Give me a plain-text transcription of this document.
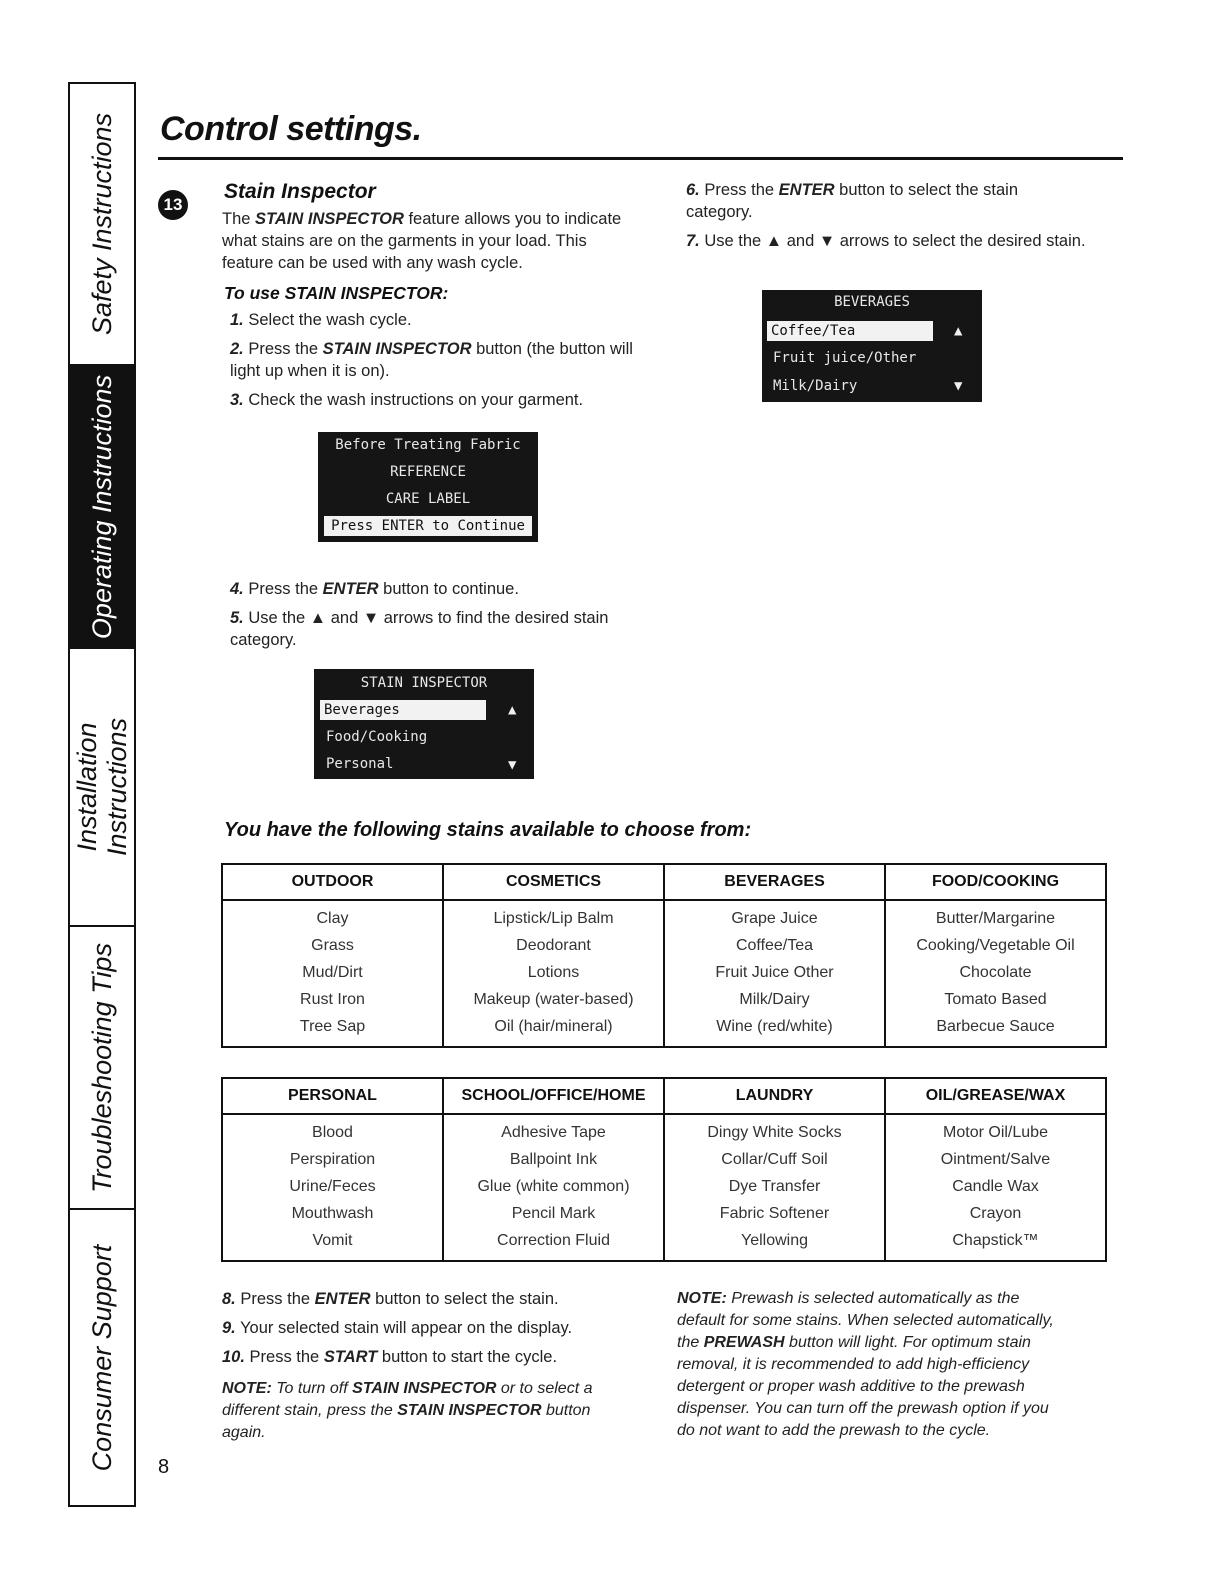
Safety Instructions
Operating Instructions
Installation
Instructions
Troubleshooting Tips
Consumer Support
Control settings.
13
Stain Inspector
The STAIN INSPECTOR feature allows you to indicate what stains are on the garments in your load. This feature can be used with any wash cycle.
To use STAIN INSPECTOR:
1. Select the wash cycle.
2. Press the STAIN INSPECTOR button (the button will light up when it is on).
3. Check the wash instructions on your garment.
Before Treating Fabric
REFERENCE
CARE LABEL
Press ENTER to Continue
4. Press the ENTER button to continue.
5. Use the ▲ and ▼ arrows to find the desired stain category.
STAIN INSPECTOR
Beverages	▲
Food/Cooking
Personal	▼
6. Press the ENTER button to select the stain category.
7. Use the ▲ and ▼ arrows to select the desired stain.
BEVERAGES
Coffee/Tea	▲
Fruit juice/Other
Milk/Dairy	▼
You have the following stains available to choose from:
OUTDOOR	COSMETICS	BEVERAGES	FOOD/COOKING
Clay	Lipstick/Lip Balm	Grape Juice	Butter/Margarine
Grass	Deodorant	Coffee/Tea	Cooking/Vegetable Oil
Mud/Dirt	Lotions	Fruit Juice Other	Chocolate
Rust Iron	Makeup (water-based)	Milk/Dairy	Tomato Based
Tree Sap	Oil (hair/mineral)	Wine (red/white)	Barbecue Sauce
PERSONAL	SCHOOL/OFFICE/HOME	LAUNDRY	OIL/GREASE/WAX
Blood	Adhesive Tape	Dingy White Socks	Motor Oil/Lube
Perspiration	Ballpoint Ink	Collar/Cuff Soil	Ointment/Salve
Urine/Feces	Glue (white common)	Dye Transfer	Candle Wax
Mouthwash	Pencil Mark	Fabric Softener	Crayon
Vomit	Correction Fluid	Yellowing	Chapstick™
8. Press the ENTER button to select the stain.
9. Your selected stain will appear on the display.
10. Press the START button to start the cycle.
NOTE: To turn off STAIN INSPECTOR or to select a different stain, press the STAIN INSPECTOR button again.
NOTE: Prewash is selected automatically as the default for some stains. When selected automatically, the PREWASH button will light. For optimum stain removal, it is recommended to add high-efficiency detergent or proper wash additive to the prewash dispenser. You can turn off the prewash option if you do not want to add the prewash to the cycle.
8
